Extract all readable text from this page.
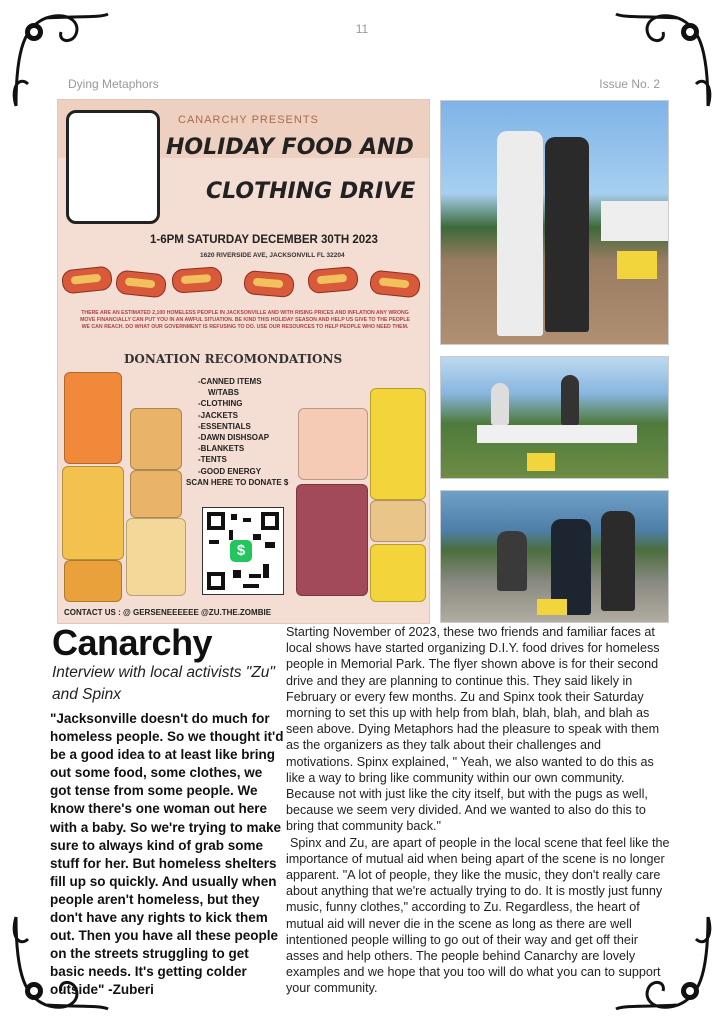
11
Dying Metaphors	Issue No. 2
CANARCHY PRESENTS
HOLIDAY FOOD AND
CLOTHING DRIVE
1-6PM SATURDAY DECEMBER 30TH 2023
1620 RIVERSIDE AVE, JACKSONVILL FL 32204
THERE ARE AN ESTIMATED 2,100 HOMELESS PEOPLE IN JACKSONVILLE AND WITH RISING PRICES AND INFLATION ANY WRONG MOVE FINANCIALLY CAN PUT YOU IN AN AWFUL SITUATION. BE KIND THIS HOLIDAY SEASON AND HELP US GIVE TO THE PEOPLE WE CAN REACH. DO WHAT OUR GOVERNMENT IS REFUSING TO DO. USE OUR RESOURCES TO HELP PEOPLE WHO NEED THEM.
DONATION RECOMONDATIONS
-CANNED ITEMS
W/TABS
-CLOTHING
-JACKETS
-ESSENTIALS
-DAWN DISHSOAP
-BLANKETS
-TENTS
-GOOD ENERGY
SCAN HERE TO DONATE $
$
CONTACT US : @ GERSENEEEEEE @ZU.THE.ZOMBIE
Canarchy
Interview with local activists "Zu" and Spinx
"Jacksonville doesn't do much for homeless people. So we thought it'd be a good idea to at least like bring out some food, some clothes, we got tense from some people. We know there's one woman out here with a baby. So we're trying to make sure to always kind of grab some stuff for her. But homeless shelters fill up so quickly. And usually when people aren't homeless, but they don't have any rights to kick them out. Then you have all these people on the streets struggling to get basic needs. It's getting colder outside" -Zuberi

Starting November of 2023, these two friends and familiar faces at local shows have started organizing D.I.Y. food drives for homeless people in Memorial Park. The flyer shown above is for their second drive and they are planning to continue this. They said likely in February or every few months. Zu and Spinx took their Saturday morning to set this up with help from blah, blah, blah, and blah as seen above. Dying Metaphors had the pleasure to speak with them as the organizers as they talk about their challenges and motivations. Spinx explained, " Yeah, we also wanted to do this as like a way to bring like community within our own community. Because not with just like the city itself, but with the pugs as well, because we seem very divided. And we wanted to also do this to bring that community back."

Spinx and Zu, are apart of people in the local scene that feel like the importance of mutual aid when being apart of the scene is no longer apparent. "A lot of people, they like the music, they don't really care about anything that we're actually trying to do. It is mostly just funny music, funny clothes," according to Zu. Regardless, the heart of mutual aid will never die in the scene as long as there are well intentioned people willing to go out of their way and get off their asses and help others. The people behind Canarchy are lovely examples and we hope that you too will do what you can to support your community.
